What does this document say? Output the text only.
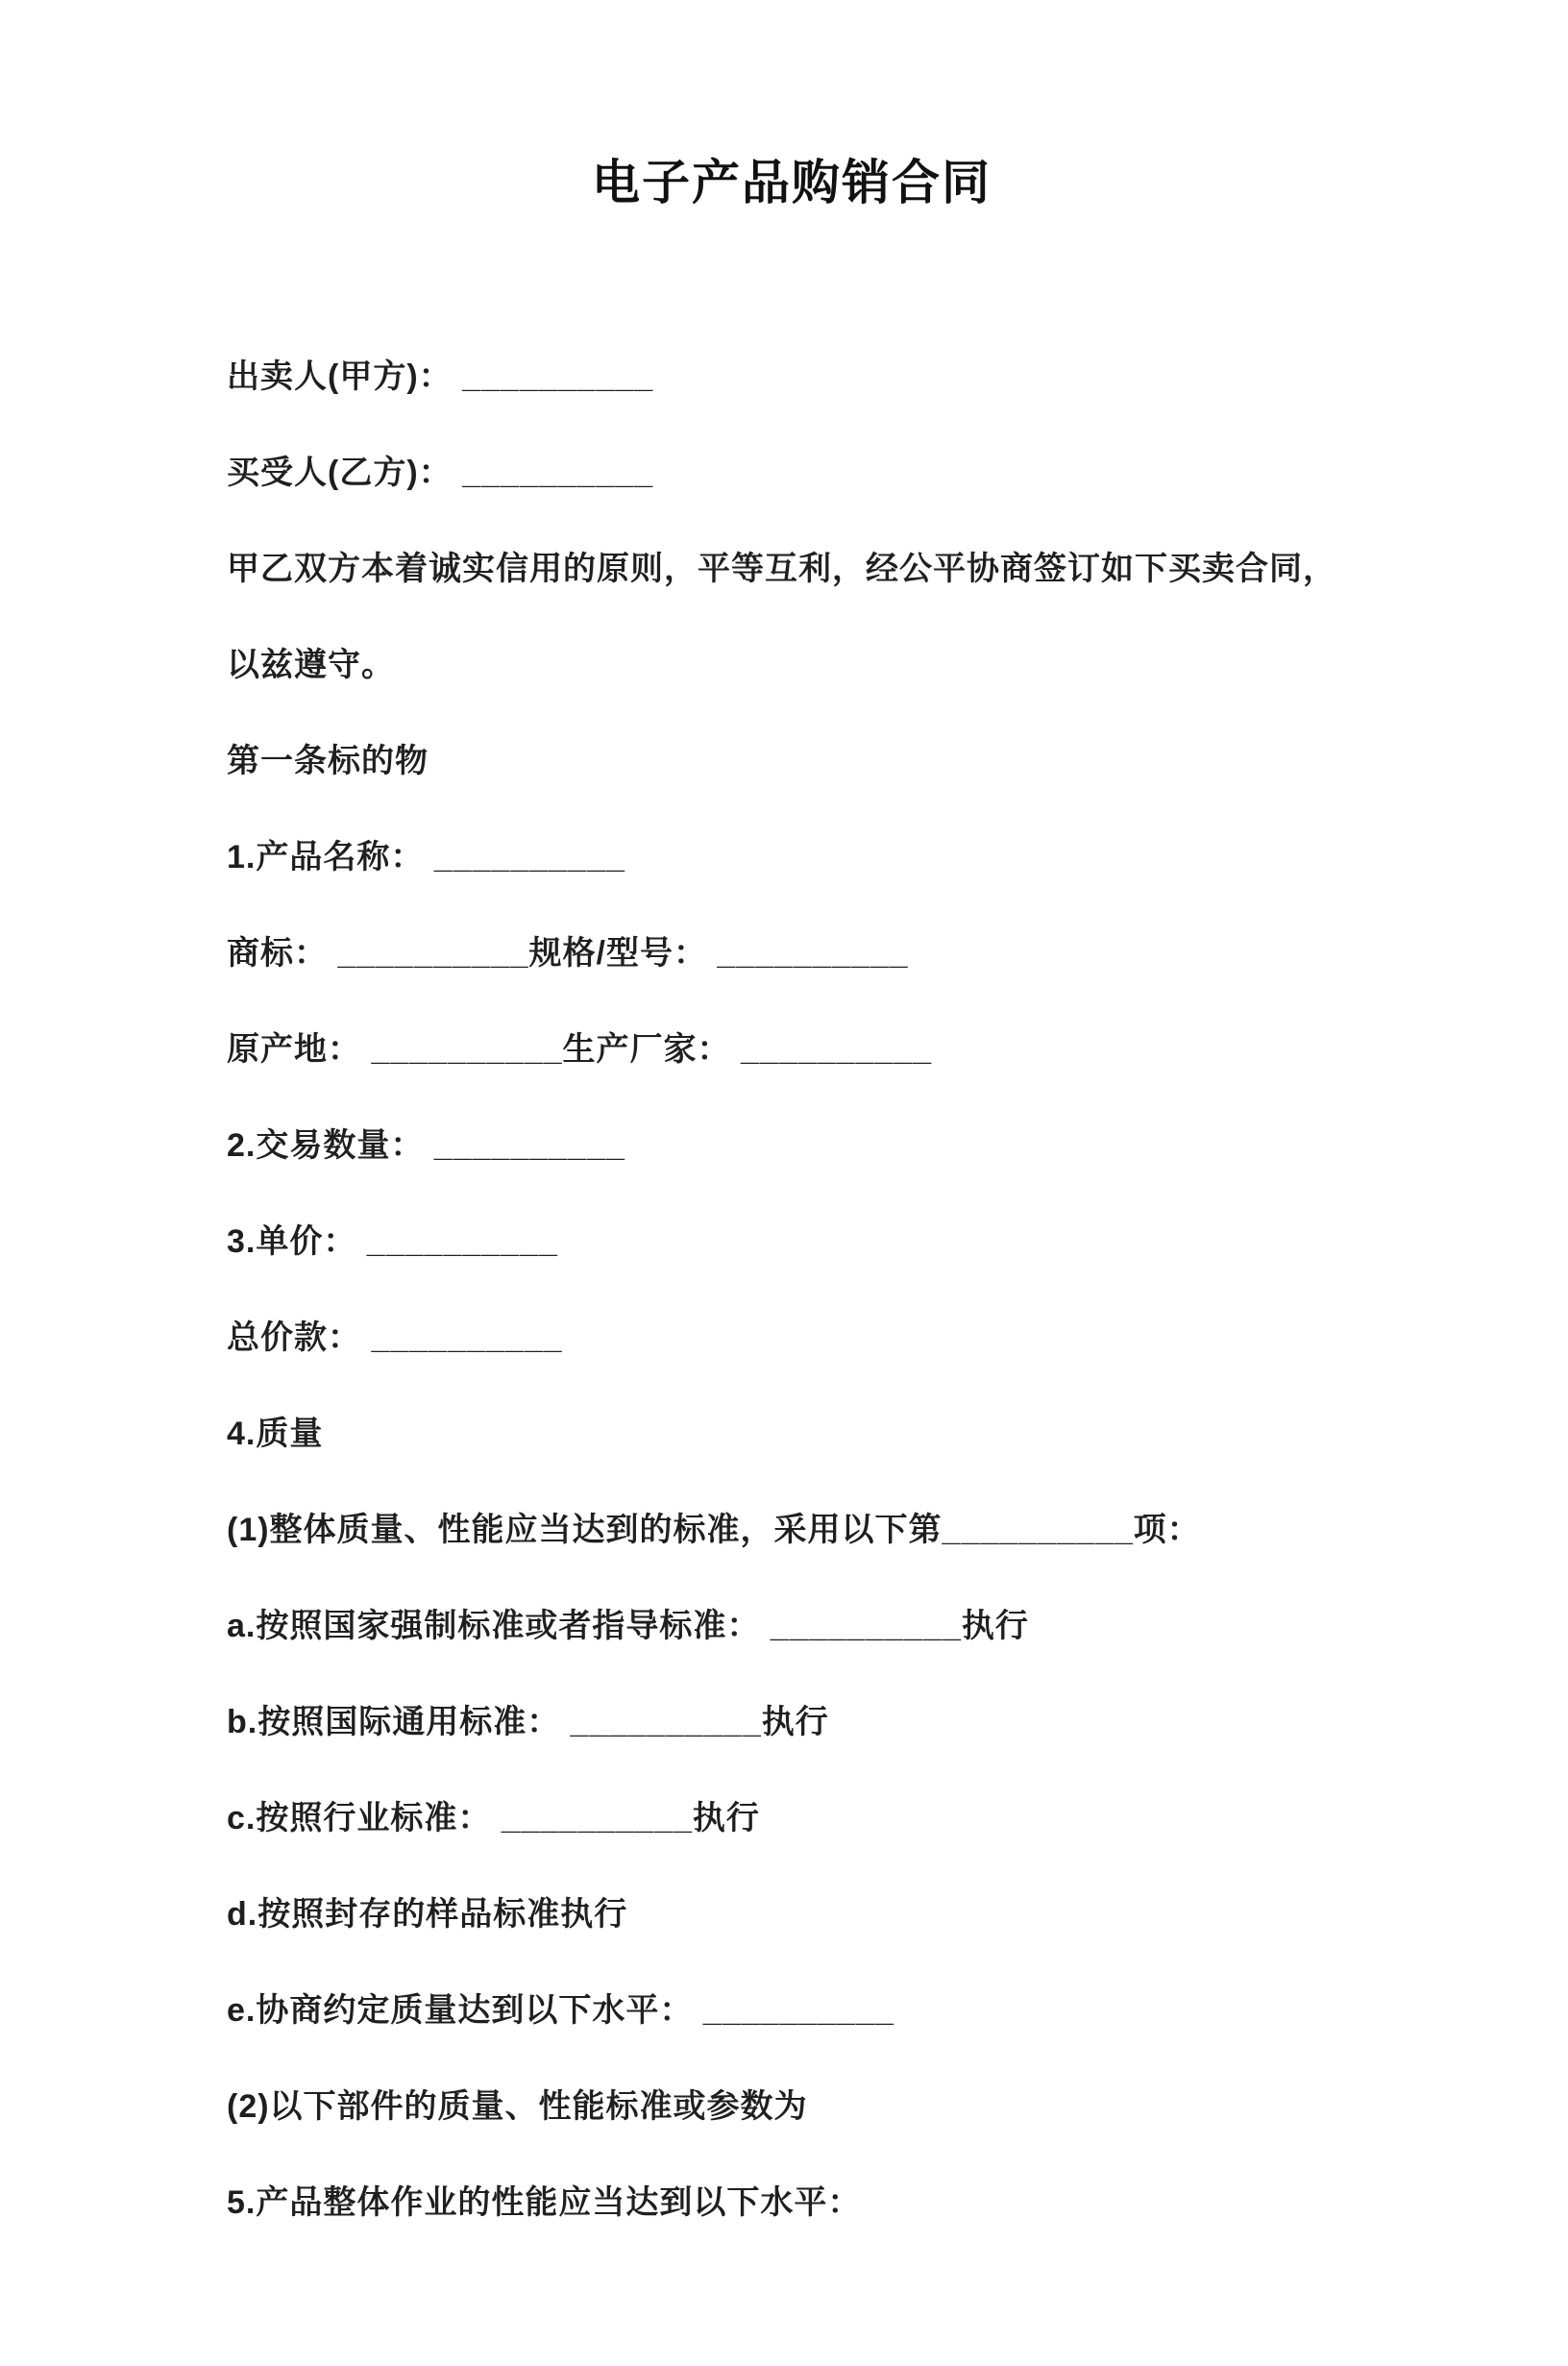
电子产品购销合同

出卖人(甲方)： __________

买受人(乙方)： __________

甲乙双方本着诚实信用的原则，平等互利，经公平协商签订如下买卖合同，以兹遵守。

第一条标的物

1.产品名称： __________

商标： __________规格/型号： __________

原产地： __________生产厂家： __________

2.交易数量： __________

3.单价： __________

总价款： __________

4.质量

(1)整体质量、性能应当达到的标准，采用以下第__________项：

a.按照国家强制标准或者指导标准： __________执行

b.按照国际通用标准： __________执行

c.按照行业标准： __________执行

d.按照封存的样品标准执行

e.协商约定质量达到以下水平： __________

(2)以下部件的质量、性能标准或参数为

5.产品整体作业的性能应当达到以下水平：
